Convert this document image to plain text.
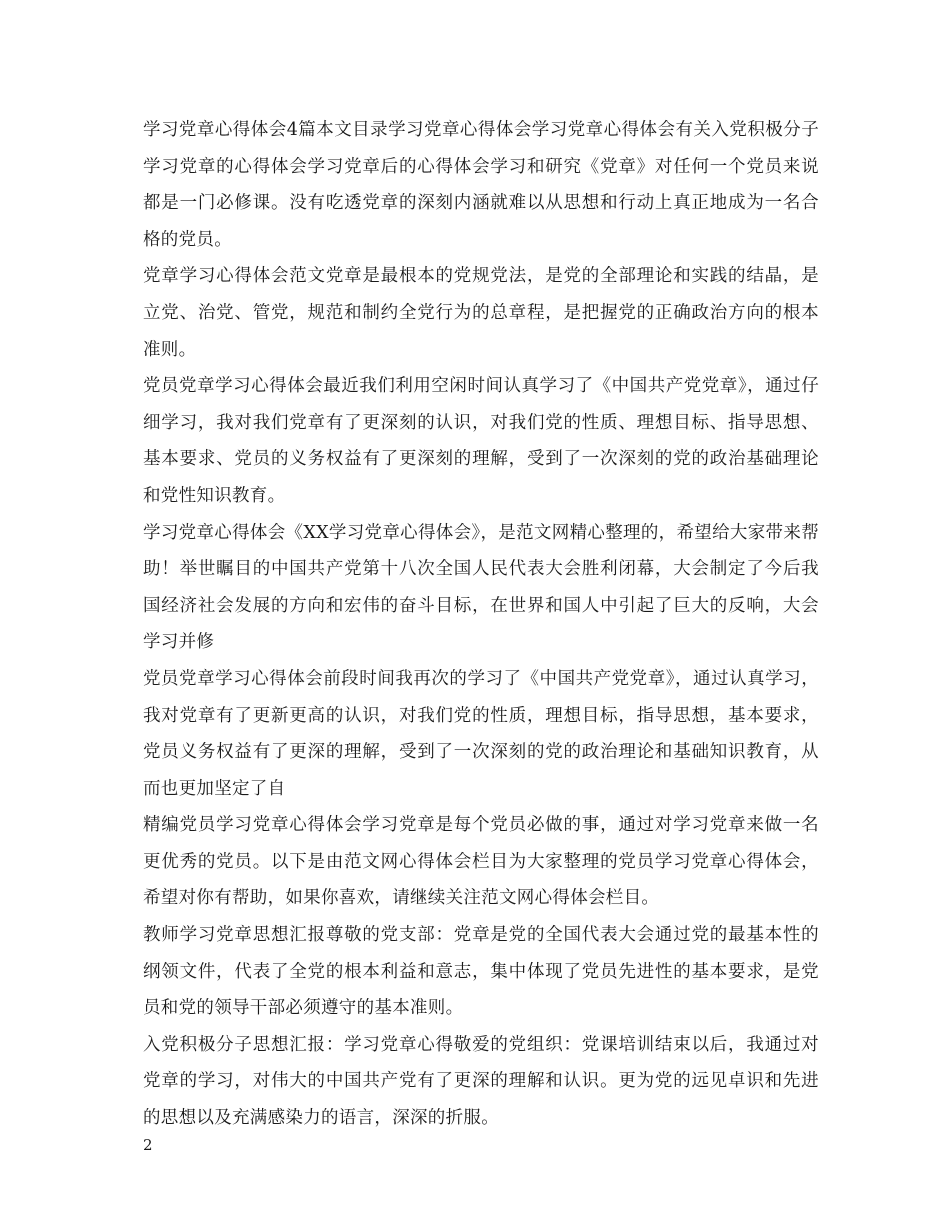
学习党章心得体会4篇本文目录学习党章心得体会学习党章心得体会有关入党积极分子学习党章的心得体会学习党章后的心得体会学习和研究《党章》对任何一个党员来说都是一门必修课。没有吃透党章的深刻内涵就难以从思想和行动上真正地成为一名合格的党员。

党章学习心得体会范文党章是最根本的党规党法，是党的全部理论和实践的结晶，是立党、治党、管党，规范和制约全党行为的总章程，是把握党的正确政治方向的根本准则。

党员党章学习心得体会最近我们利用空闲时间认真学习了《中国共产党党章》，通过仔细学习，我对我们党章有了更深刻的认识，对我们党的性质、理想目标、指导思想、基本要求、党员的义务权益有了更深刻的理解，受到了一次深刻的党的政治基础理论和党性知识教育。

学习党章心得体会《XX学习党章心得体会》，是范文网精心整理的，希望给大家带来帮助！举世瞩目的中国共产党第十八次全国人民代表大会胜利闭幕，大会制定了今后我国经济社会发展的方向和宏伟的奋斗目标，在世界和国人中引起了巨大的反响，大会学习并修

党员党章学习心得体会前段时间我再次的学习了《中国共产党党章》，通过认真学习，我对党章有了更新更高的认识，对我们党的性质，理想目标，指导思想，基本要求，党员义务权益有了更深的理解，受到了一次深刻的党的政治理论和基础知识教育，从而也更加坚定了自

精编党员学习党章心得体会学习党章是每个党员必做的事，通过对学习党章来做一名更优秀的党员。以下是由范文网心得体会栏目为大家整理的党员学习党章心得体会，希望对你有帮助，如果你喜欢，请继续关注范文网心得体会栏目。

教师学习党章思想汇报尊敬的党支部：党章是党的全国代表大会通过党的最基本性的纲领文件，代表了全党的根本利益和意志，集中体现了党员先进性的基本要求，是党员和党的领导干部必须遵守的基本准则。

入党积极分子思想汇报：学习党章心得敬爱的党组织：党课培训结束以后，我通过对党章的学习，对伟大的中国共产党有了更深的理解和认识。更为党的远见卓识和先进的思想以及充满感染力的语言，深深的折服。

2
